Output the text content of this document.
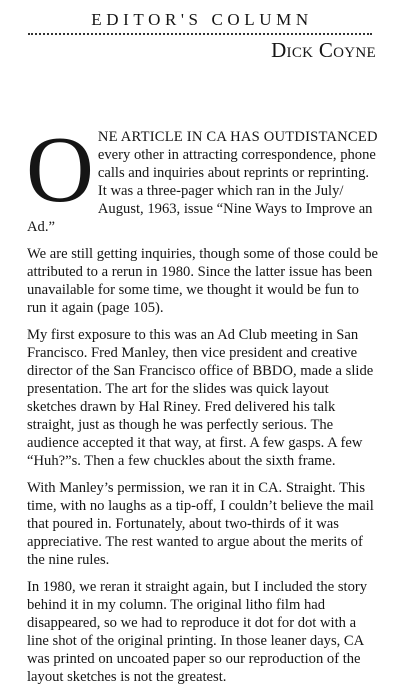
EDITOR'S COLUMN
Dick Coyne

ONE ARTICLE IN CA HAS OUTDISTANCED every other in attracting correspondence, phone calls and inquiries about reprints or reprinting. It was a three-pager which ran in the July/ August, 1963, issue “Nine Ways to Improve an Ad.”

We are still getting inquiries, though some of those could be attributed to a rerun in 1980. Since the latter issue has been unavailable for some time, we thought it would be fun to run it again (page 105).

My first exposure to this was an Ad Club meeting in San Francisco. Fred Manley, then vice president and creative director of the San Francisco office of BBDO, made a slide presentation. The art for the slides was quick layout sketches drawn by Hal Riney. Fred delivered his talk straight, just as though he was perfectly serious. The audience accepted it that way, at first. A few gasps. A few “Huh?”s. Then a few chuckles about the sixth frame.

With Manley’s permission, we ran it in CA. Straight. This time, with no laughs as a tip-off, I couldn’t believe the mail that poured in. Fortunately, about two-thirds of it was appreciative. The rest wanted to argue about the merits of the nine rules.

In 1980, we reran it straight again, but I included the story behind it in my column. The original litho film had disappeared, so we had to reproduce it dot for dot with a line shot of the original printing. In those leaner days, CA was printed on uncoated paper so our reproduction of the layout sketches is not the greatest.
